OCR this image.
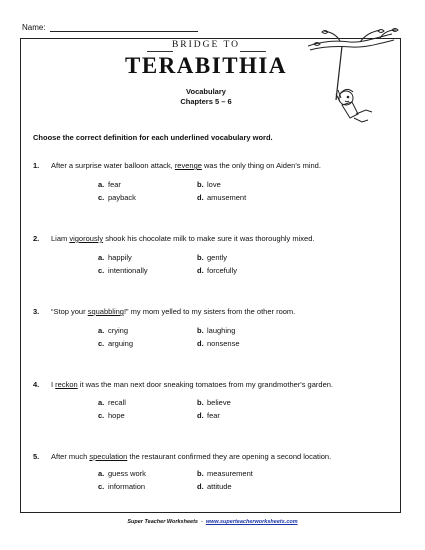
Name:
BRIDGE TO
TERABITHIA
Vocabulary
Chapters 5 – 6
Choose the correct definition for each underlined vocabulary word.
1. After a surprise water balloon attack, revenge was the only thing on Aiden's mind.
a. fear	b. love
c. payback	d. amusement
2. Liam vigorously shook his chocolate milk to make sure it was thoroughly mixed.
a. happily	b. gently
c. intentionally	d. forcefully
3. “Stop your squabbling!” my mom yelled to my sisters from the other room.
a. crying	b. laughing
c. arguing	d. nonsense
4. I reckon it was the man next door sneaking tomatoes from my grandmother's garden.
a. recall	b. believe
c. hope	d. fear
5. After much speculation the restaurant confirmed they are opening a second location.
a. guess work	b. measurement
c. information	d. attitude
Super Teacher Worksheets - www.superteacherworksheets.com
